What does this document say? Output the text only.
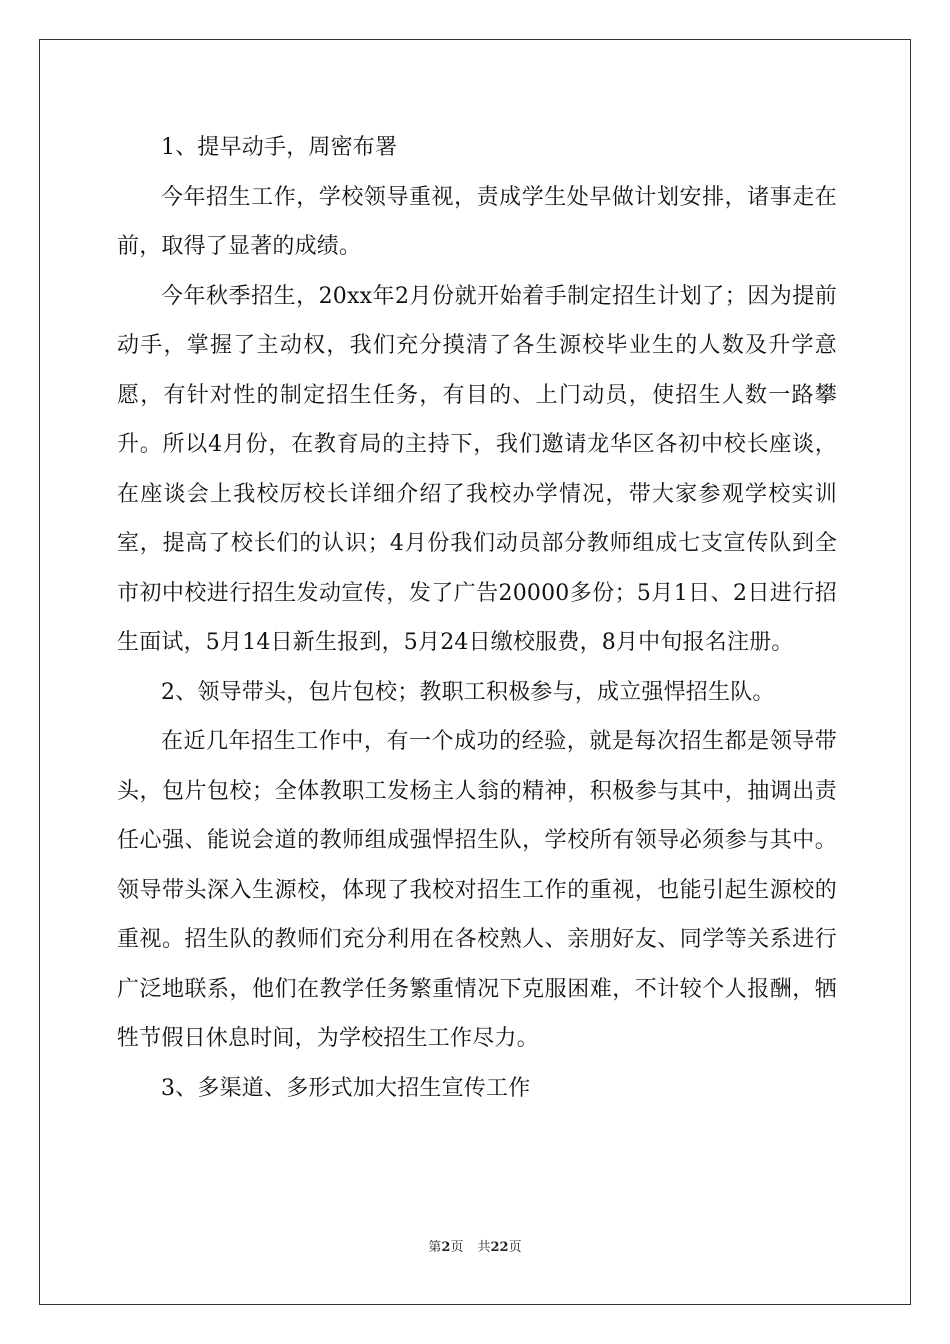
1、提早动手，周密布署

今年招生工作，学校领导重视，责成学生处早做计划安排，诸事走在前，取得了显著的成绩。

今年秋季招生，20xx年2月份就开始着手制定招生计划了；因为提前动手，掌握了主动权，我们充分摸清了各生源校毕业生的人数及升学意愿，有针对性的制定招生任务，有目的、上门动员，使招生人数一路攀升。所以4月份，在教育局的主持下，我们邀请龙华区各初中校长座谈，在座谈会上我校厉校长详细介绍了我校办学情况，带大家参观学校实训室，提高了校长们的认识；4月份我们动员部分教师组成七支宣传队到全市初中校进行招生发动宣传，发了广告20000多份；5月1日、2日进行招生面试，5月14日新生报到，5月24日缴校服费，8月中旬报名注册。

2、领导带头，包片包校；教职工积极参与，成立强悍招生队。

在近几年招生工作中，有一个成功的经验，就是每次招生都是领导带头，包片包校；全体教职工发杨主人翁的精神，积极参与其中，抽调出责任心强、能说会道的教师组成强悍招生队，学校所有领导必须参与其中。领导带头深入生源校，体现了我校对招生工作的重视，也能引起生源校的重视。招生队的教师们充分利用在各校熟人、亲朋好友、同学等关系进行广泛地联系，他们在教学任务繁重情况下克服困难，不计较个人报酬，牺牲节假日休息时间，为学校招生工作尽力。

3、多渠道、多形式加大招生宣传工作

第2页 共22页
